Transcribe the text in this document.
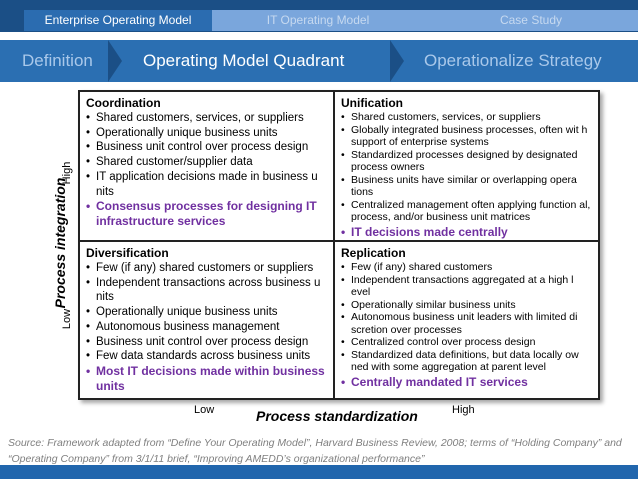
Enterprise Operating Model	IT Operating Model	Case Study
Definition	Operating Model Quadrant	Operationalize Strategy
Process integration
High
Low
Coordination
• Shared customers, services, or suppliers
• Operationally unique business units
• Business unit control over process design
• Shared customer/supplier data
• IT application decisions made in business u nits
• Consensus processes for designing IT infrastructure services
Unification
• Shared customers, services, or suppliers
• Globally integrated business processes, often wit h support of enterprise systems
• Standardized processes designed by designated process owners
• Business units have similar or overlapping opera tions
• Centralized management often applying function al, process, and/or business unit matrices
• IT decisions made centrally
Diversification
• Few (if any) shared customers or suppliers
• Independent transactions across business u nits
• Operationally unique business units
• Autonomous business management
• Business unit control over process design
• Few data standards across business units
• Most IT decisions made within business units
Replication
• Few (if any) shared customers
• Independent transactions aggregated at a high l evel
• Operationally similar business units
• Autonomous business unit leaders with limited di scretion over processes
• Centralized control over process design
• Standardized data definitions, but data locally ow ned with some aggregation at parent level
• Centrally mandated IT services
Low	Process standardization	High
Source: Framework adapted from “Define Your Operating Model”, Harvard Business Review, 2008; terms of “Holding Company” and “Operating Company” from 3/1/11 brief, “Improving AMEDD’s organizational performance”
